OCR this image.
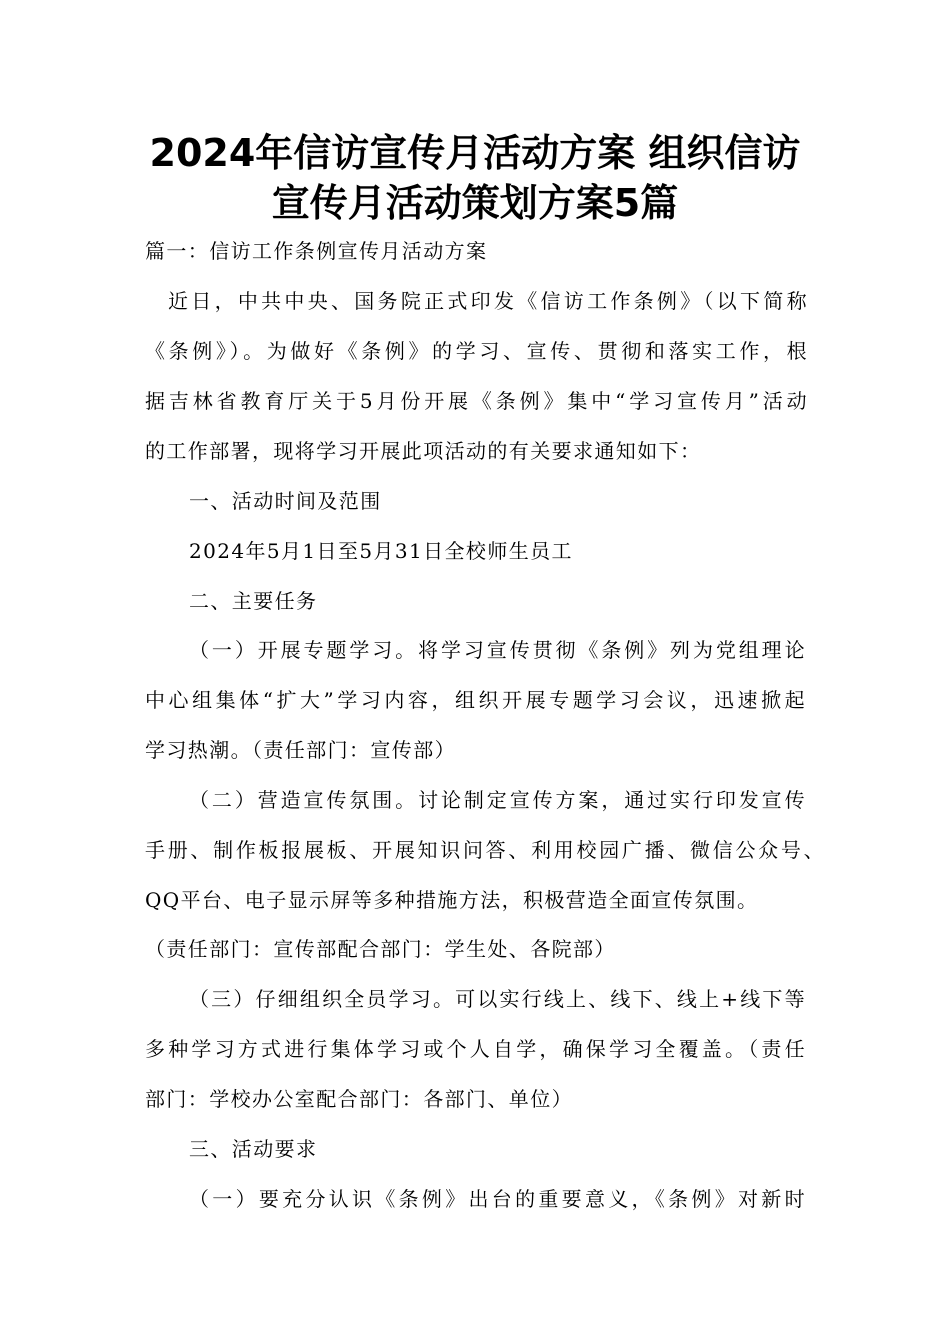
2024年信访宣传月活动方案 组织信访
宣传月活动策划方案5篇
篇一：信访工作条例宣传月活动方案
近日，中共中央、国务院正式印发《信访工作条例》（以下简称
《条例》）。为做好《条例》的学习、宣传、贯彻和落实工作，根
据吉林省教育厅关于5月份开展《条例》集中“学习宣传月”活动
的工作部署，现将学习开展此项活动的有关要求通知如下：
一、活动时间及范围
2024年5月1日至5月31日全校师生员工
二、主要任务
（一）开展专题学习。将学习宣传贯彻《条例》列为党组理论
中心组集体“扩大”学习内容，组织开展专题学习会议，迅速掀起
学习热潮。（责任部门：宣传部）
（二）营造宣传氛围。讨论制定宣传方案，通过实行印发宣传
手册、制作板报展板、开展知识问答、利用校园广播、微信公众号、
QQ平台、电子显示屏等多种措施方法，积极营造全面宣传氛围。
（责任部门：宣传部配合部门：学生处、各院部）
（三）仔细组织全员学习。可以实行线上、线下、线上+线下等
多种学习方式进行集体学习或个人自学，确保学习全覆盖。（责任
部门：学校办公室配合部门：各部门、单位）
三、活动要求
（一）要充分认识《条例》出台的重要意义，《条例》对新时
